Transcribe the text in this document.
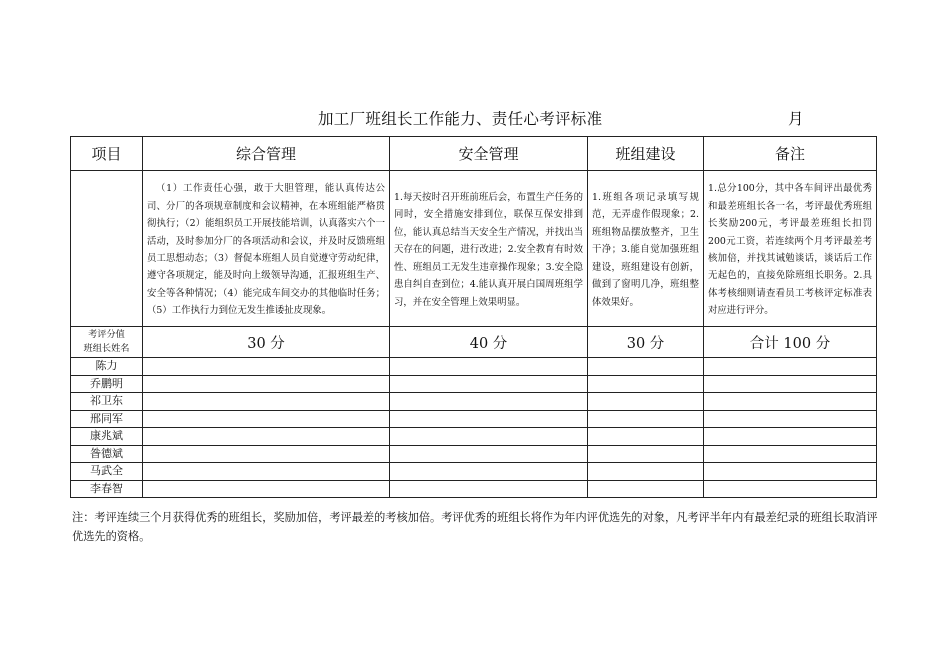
加工厂班组长工作能力、责任心考评标准	月
项目	综合管理	安全管理	班组建设	备注

	（1）工作责任心强，敢于大胆管理，能认真传达公司、分厂的各项规章制度和会议精神，在本班组能严格贯彻执行；（2）能组织员工开展技能培训，认真落实六个一活动，及时参加分厂的各项活动和会议，并及时反馈班组员工思想动态；（3）督促本班组人员自觉遵守劳动纪律，遵守各项规定，能及时向上级领导沟通，汇报班组生产、安全等各种情况；（4）能完成车间交办的其他临时任务；（5）工作执行力到位无发生推诿扯皮现象。	1.每天按时召开班前班后会，布置生产任务的同时，安全措施安排到位，联保互保安排到位，能认真总结当天安全生产情况，并找出当天存在的问题，进行改进；2.安全教育有时效性、班组员工无发生违章操作现象；3.安全隐患自纠自查到位；4.能认真开展白国周班组学习，并在安全管理上效果明显。	1.班组各项记录填写规范，无弄虚作假现象；2.班组物品摆放整齐，卫生干净；3.能自觉加强班组建设，班组建设有创新，做到了窗明几净，班组整体效果好。	1.总分100分，其中各车间评出最优秀和最差班组长各一名，考评最优秀班组长奖励200元，考评最差班组长扣罚200元工资，若连续两个月考评最差考核加倍，并找其诫勉谈话，谈话后工作无起色的，直接免除班组长职务。2.具体考核细则请查看员工考核评定标准表对应进行评分。

考评分值
班组长姓名	30 分	40 分	30 分	合计 100 分
陈力				
乔鹏明				
祁卫东				
邢同军				
康兆斌				
昝德斌				
马武全				
李春智				
注：考评连续三个月获得优秀的班组长，奖励加倍，考评最差的考核加倍。考评优秀的班组长将作为年内评优选先的对象，凡考评半年内有最差纪录的班组长取消评优选先的资格。
